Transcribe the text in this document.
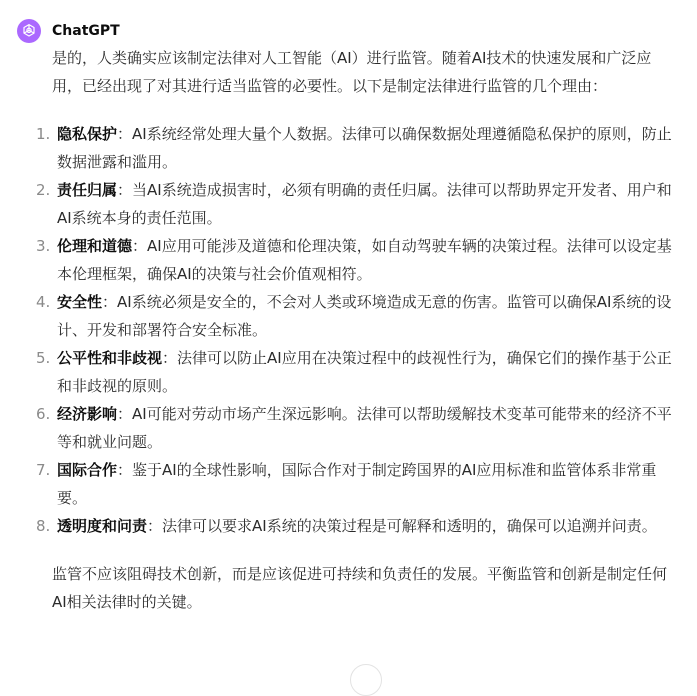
ChatGPT

是的，人类确实应该制定法律对人工智能（AI）进行监管。随着AI技术的快速发展和广泛应用，已经出现了对其进行适当监管的必要性。以下是制定法律进行监管的几个理由：

1. 隐私保护：AI系统经常处理大量个人数据。法律可以确保数据处理遵循隐私保护的原则，防止数据泄露和滥用。
2. 责任归属：当AI系统造成损害时，必须有明确的责任归属。法律可以帮助界定开发者、用户和AI系统本身的责任范围。
3. 伦理和道德：AI应用可能涉及道德和伦理决策，如自动驾驶车辆的决策过程。法律可以设定基本伦理框架，确保AI的决策与社会价值观相符。
4. 安全性：AI系统必须是安全的，不会对人类或环境造成无意的伤害。监管可以确保AI系统的设计、开发和部署符合安全标准。
5. 公平性和非歧视：法律可以防止AI应用在决策过程中的歧视性行为，确保它们的操作基于公正和非歧视的原则。
6. 经济影响：AI可能对劳动市场产生深远影响。法律可以帮助缓解技术变革可能带来的经济不平等和就业问题。
7. 国际合作：鉴于AI的全球性影响，国际合作对于制定跨国界的AI应用标准和监管体系非常重要。
8. 透明度和问责：法律可以要求AI系统的决策过程是可解释和透明的，确保可以追溯并问责。

监管不应该阻碍技术创新，而是应该促进可持续和负责任的发展。平衡监管和创新是制定任何AI相关法律时的关键。
